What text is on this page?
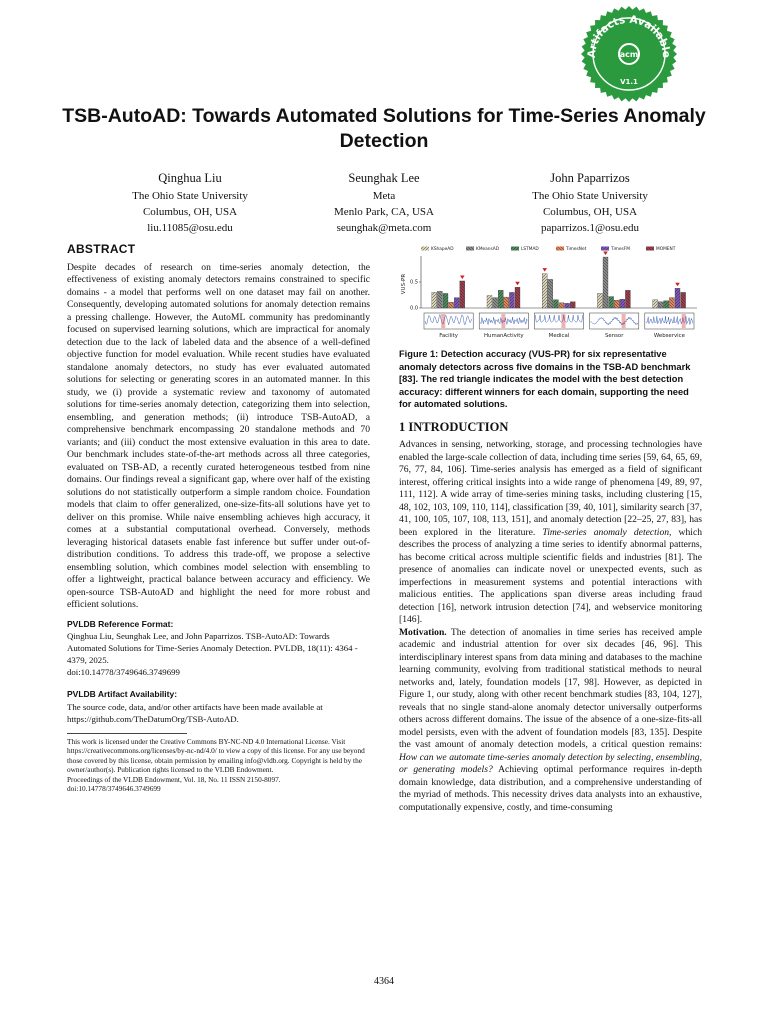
Artifacts Available
acm
V1.1
TSB-AutoAD: Towards Automated Solutions for Time-Series Anomaly Detection
Qinghua Liu
The Ohio State University
Columbus, OH, USA
liu.11085@osu.edu
Seunghak Lee
Meta
Menlo Park, CA, USA
seunghak@meta.com
John Paparrizos
The Ohio State University
Columbus, OH, USA
paparrizos.1@osu.edu
ABSTRACT

Despite decades of research on time-series anomaly detection, the effectiveness of existing anomaly detectors remains constrained to specific domains - a model that performs well on one dataset may fail on another. Consequently, developing automated solutions for anomaly detection remains a pressing challenge. However, the AutoML community has predominantly focused on supervised learning solutions, which are impractical for anomaly detection due to the lack of labeled data and the absence of a well-defined objective function for model evaluation. While recent studies have evaluated standalone anomaly detectors, no study has ever evaluated automated solutions for selecting or generating scores in an automated manner. In this study, we (i) provide a systematic review and taxonomy of automated solutions for time-series anomaly detection, categorizing them into selection, ensembling, and generation methods; (ii) introduce TSB-AutoAD, a comprehensive benchmark encompassing 20 standalone methods and 70 variants; and (iii) conduct the most extensive evaluation in this area to date. Our benchmark includes state-of-the-art methods across all three categories, evaluated on TSB-AD, a recently curated heterogeneous testbed from nine domains. Our findings reveal a significant gap, where over half of the existing solutions do not statistically outperform a simple random choice. Foundation models that claim to offer generalized, one-size-fits-all solutions have yet to deliver on this promise. While naive ensembling achieves high accuracy, it comes at a substantial computational overhead. Conversely, methods leveraging historical datasets enable fast inference but suffer under out-of-distribution conditions. To address this trade-off, we propose a selective ensembling solution, which combines model selection with ensembling to offer a lightweight, practical balance between accuracy and efficiency. We open-source TSB-AutoAD and highlight the need for more robust and efficient solutions.

PVLDB Reference Format:
Qinghua Liu, Seunghak Lee, and John Paparrizos. TSB-AutoAD: Towards Automated Solutions for Time-Series Anomaly Detection. PVLDB, 18(11): 4364 - 4379, 2025.
doi:10.14778/3749646.3749699
PVLDB Artifact Availability:
The source code, data, and/or other artifacts have been made available at https://github.com/TheDatumOrg/TSB-AutoAD.
This work is licensed under the Creative Commons BY-NC-ND 4.0 International License. Visit https://creativecommons.org/licenses/by-nc-nd/4.0/ to view a copy of this license. For any use beyond those covered by this license, obtain permission by emailing info@vldb.org. Copyright is held by the owner/author(s). Publication rights licensed to the VLDB Endowment.
Proceedings of the VLDB Endowment, Vol. 18, No. 11 ISSN 2150-8097.
doi:10.14778/3749646.3749699
KShapeAD	KMeansAD	LSTMAD	TimesNet	TimesFM	MOMENT
0.0
0.5
VUS-PR
Facility	HumanActivity	Medical	Sensor	Webservice
Figure 1: Detection accuracy (VUS-PR) for six representative anomaly detectors across five domains in the TSB-AD benchmark [83]. The red triangle indicates the model with the best detection accuracy: different winners for each domain, supporting the need for automated solutions.
1 INTRODUCTION

Advances in sensing, networking, storage, and processing technologies have enabled the large-scale collection of data, including time series [59, 64, 65, 69, 76, 77, 84, 106]. Time-series analysis has emerged as a field of significant interest, offering critical insights into a wide range of phenomena [49, 89, 97, 111, 112]. A wide array of time-series mining tasks, including clustering [15, 48, 102, 103, 109, 110, 114], classification [39, 40, 101], similarity search [37, 41, 100, 105, 107, 108, 113, 151], and anomaly detection [22–25, 27, 83], has been explored in the literature. Time-series anomaly detection, which describes the process of analyzing a time series to identify abnormal patterns, has become critical across multiple scientific fields and industries [81]. The presence of anomalies can indicate novel or unexpected events, such as imperfections in measurement systems and potential interactions with malicious entities. The applications span diverse areas including fraud detection [16], network intrusion detection [74], and webservice monitoring [146].

Motivation. The detection of anomalies in time series has received ample academic and industrial attention for over six decades [46, 96]. This interdisciplinary interest spans from data mining and databases to the machine learning community, evolving from traditional statistical methods to neural networks and, lately, foundation models [17, 98]. However, as depicted in Figure 1, our study, along with other recent benchmark studies [83, 104, 127], reveals that no single stand-alone anomaly detector universally outperforms others across different domains. The issue of the absence of a one-size-fits-all model persists, even with the advent of foundation models [83, 135]. Despite the vast amount of anomaly detection models, a critical question remains: How can we automate time-series anomaly detection by selecting, ensembling, or generating models? Achieving optimal performance requires in-depth domain knowledge, data distribution, and a comprehensive understanding of the myriad of methods. This necessity drives data analysts into an exhaustive, computationally expensive, costly, and time-consuming

4364
